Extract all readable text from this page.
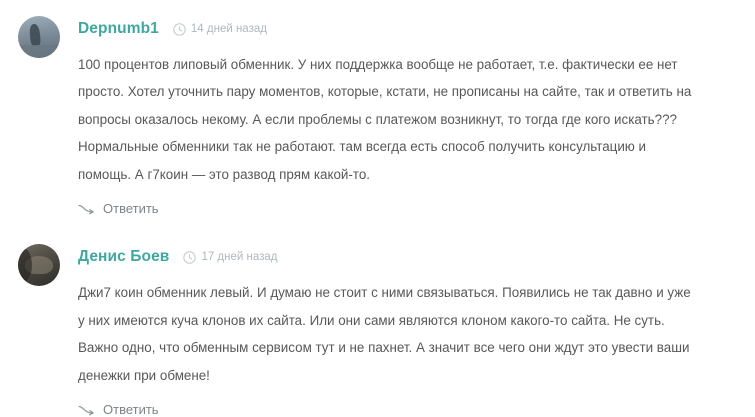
Depnumb1	14 дней назад
100 процентов липовый обменник. У них поддержка вообще не работает, т.е. фактически ее нет просто. Хотел уточнить пару моментов, которые, кстати, не прописаны на сайте, так и ответить на вопросы оказалось некому. А если проблемы с платежом возникнут, то тогда где кого искать??? Нормальные обменники так не работают. там всегда есть способ получить консультацию и помощь. А г7коин — это развод прям какой-то.
Ответить
Денис Боев	17 дней назад
Джи7 коин обменник левый. И думаю не стоит с ними связываться. Появились не так давно и уже у них имеются куча клонов их сайта. Или они сами являются клоном какого-то сайта. Не суть. Важно одно, что обменным сервисом тут и не пахнет. А значит все чего они ждут это увести ваши денежки при обмене!
Ответить
